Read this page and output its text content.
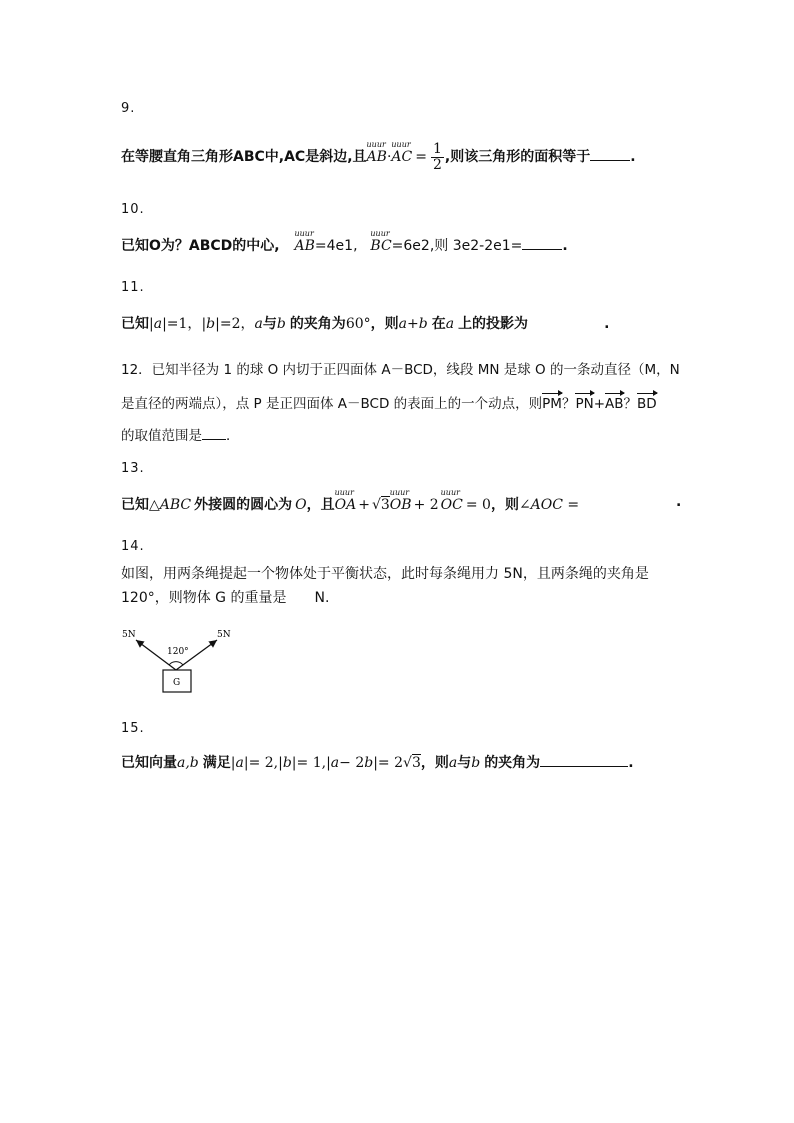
9.
在等腰直角三角形ABC中,AC是斜边,且
uuur
AB·
uuur
AC = $\frac{1}{2}$ ,则该三角形的面积等于	.
10.
已知O为？ABCD的中心,
uuur
AB=4e1,
uuur
BC=6e2,则 3e2-2e1=	.
11.
已知|a|=1，|b|=2，a与b 的夹角为60°，则a+b 在a 上的投影为	.
12．已知半径为 1 的球 O 内切于正四面体 A－BCD，线段 MN 是球 O 的一条动直径（M，N
是直径的两端点），点 P 是正四面体 A－BCD 的表面上的一个动点，则PM？PN+AB？BD
的取值范围是 ．
13.
已知△ABC 外接圆的圆心为 O，且
uuur
OA + √3
uuur
OB + 2
uuur
OC = 0，则∠AOC =	.
14.
如图，用两条绳提起一个物体处于平衡状态，此时每条绳用力 5N，且两条绳的夹角是
120°，则物体 G 的重量是 N.
5N	5N
120°
G
15.
已知向量a,b 满足|a|= 2,|b|= 1,|a− 2b|= 2√3，则a与b 的夹角为	.
